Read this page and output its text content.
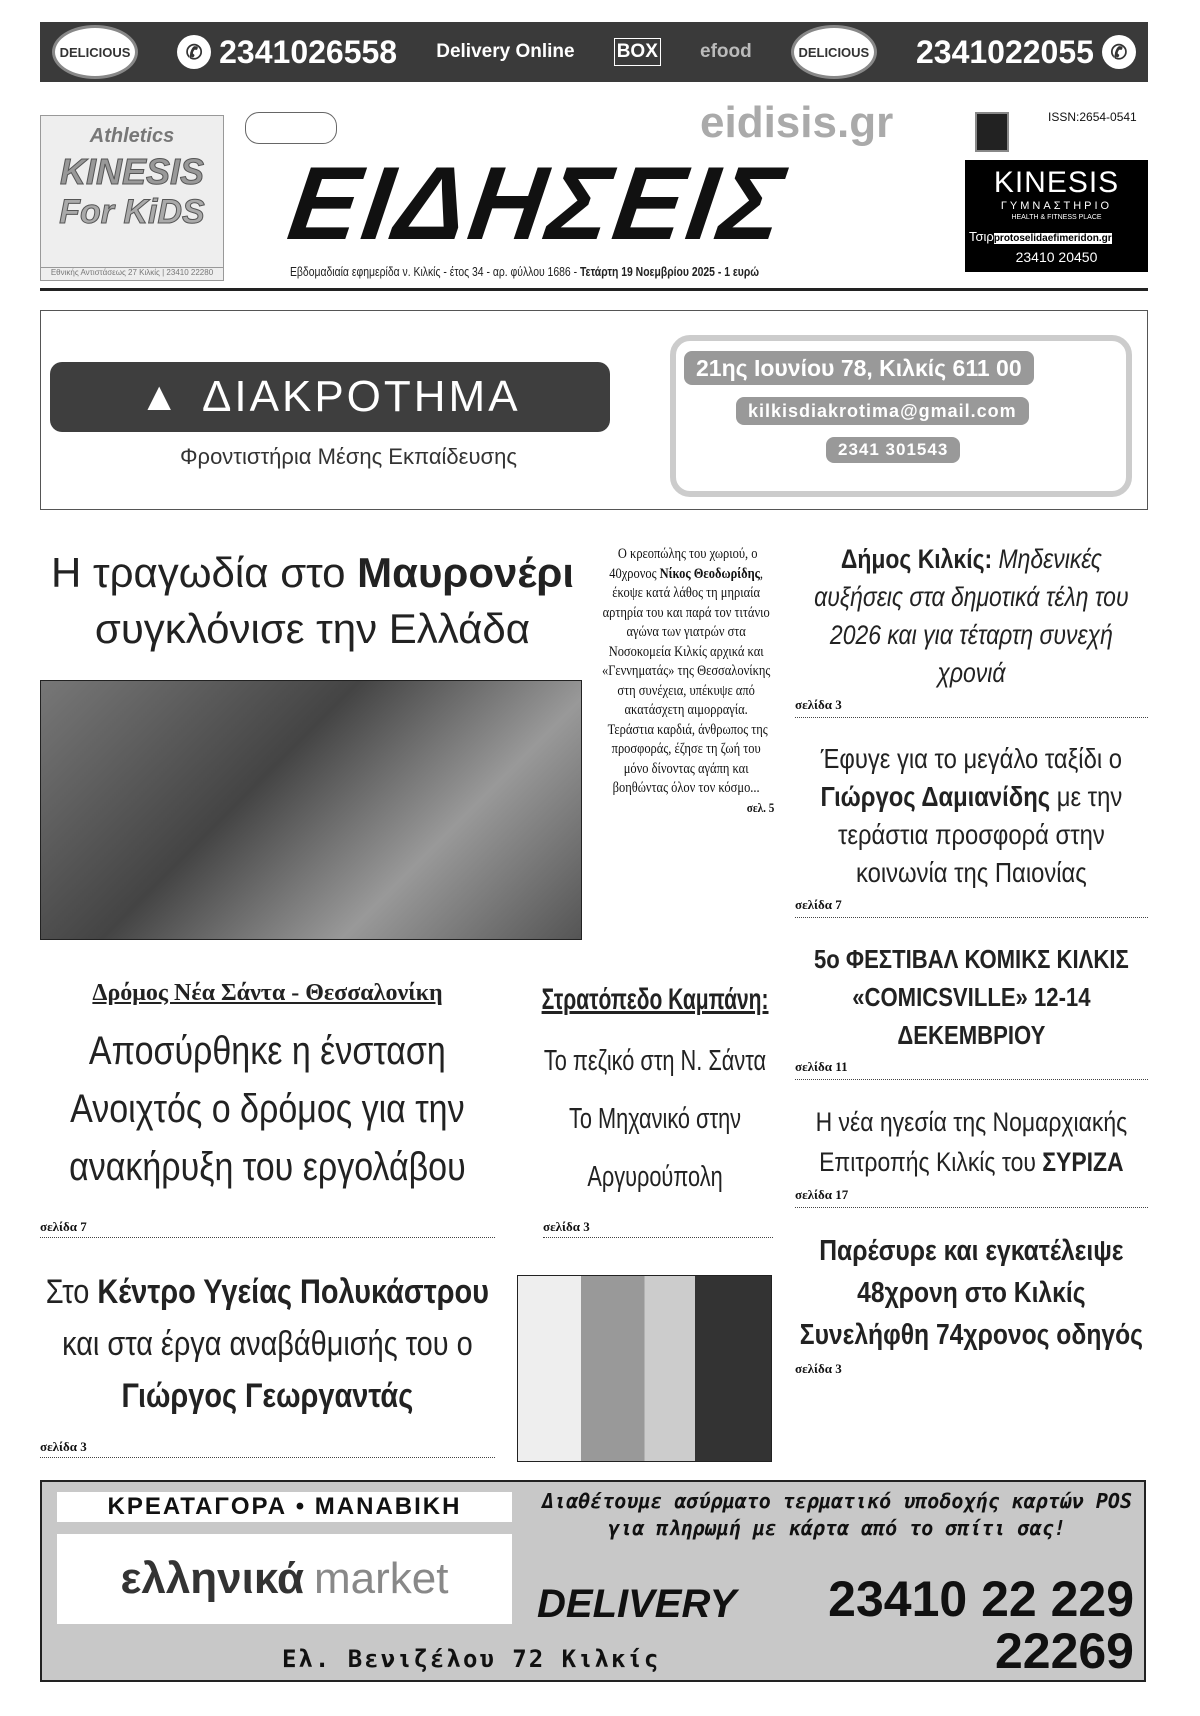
DELICIOUS	✆ 2341026558 Delivery Online BOX efood	DELICIOUS 2341022055 ✆
Athletics
KINESIS
For KiDS
Εθνικής Αντιστάσεως 27 Κιλκίς | 23410 22280
eidisis.gr
ΕΙΔΗΣΕΙΣ
Εβδομαδιαία εφημερίδα ν. Κιλκίς - έτος 34 - αρ. φύλλου 1686 - Τετάρτη 19 Νοεμβρίου 2025 - 1 ευρώ
ISSN:2654-0541
KINESIS
ΓΥΜΝΑΣΤΗΡΙΟ
HEALTH & FITNESS PLACE
Τσιρprotoselidaefimeridon.gr
23410 20450
▲ ΔΙΑΚΡΟΤΗΜΑ
Φροντιστήρια Μέσης Εκπαίδευσης
21ης Ιουνίου 78, Κιλκίς 611 00
kilkisdiakrotima@gmail.com
2341 301543
Η τραγωδία στο Μαυρονέρι
συγκλόνισε την Ελλάδα
Ο κρεοπώλης του χωριού, ο 40χρονος Νίκος Θεοδωρίδης, έκοψε κατά λάθος τη μηριαία αρτηρία του και παρά τον τιτάνιο αγώνα των γιατρών στα Νοσοκομεία Κιλκίς αρχικά και «Γεννηματάς» της Θεσσαλονίκης στη συνέχεια, υπέκυψε από ακατάσχετη αιμορραγία.
Τεράστια καρδιά, άνθρωπος της προσφοράς, έζησε τη ζωή του μόνο δίνοντας αγάπη και βοηθώντας όλον τον κόσμο...
σελ. 5
Δήμος Κιλκίς: Μηδενικές αυξήσεις στα δημοτικά τέλη του 2026 και για τέταρτη συνεχή χρονιά
σελίδα 3
Έφυγε για το μεγάλο ταξίδι ο Γιώργος Δαμιανίδης με την τεράστια προσφορά στην κοινωνία της Παιονίας
σελίδα 7
5ο ΦΕΣΤΙΒΑΛ ΚΟΜΙΚΣ ΚΙΛΚΙΣ «COMICSVILLE» 12-14 ΔΕΚΕΜΒΡΙΟΥ
σελίδα 11
Η νέα ηγεσία της Νομαρχιακής Επιτροπής Κιλκίς του ΣΥΡΙΖΑ
σελίδα 17
Παρέσυρε και εγκατέλειψε 48χρονη στο Κιλκίς Συνελήφθη 74χρονος οδηγός
σελίδα 3
Δρόμος Νέα Σάντα - Θεσσαλονίκη
Αποσύρθηκε η ένσταση Ανοιχτός ο δρόμος για την ανακήρυξη του εργολάβου
σελίδα 7
Στρατόπεδο Καμπάνη:
Το πεζικό στη Ν. Σάντα Το Μηχανικό στην Αργυρούπολη
σελίδα 3
Στο Κέντρο Υγείας Πολυκάστρου και στα έργα αναβάθμισής του ο Γιώργος Γεωργαντάς
σελίδα 3
ΚΡΕΑΤΑΓΟΡΑ • ΜΑΝΑΒΙΚΗ
ελληνικά market
Διαθέτουμε ασύρματο τερματικό υποδοχής καρτών POS για πληρωμή με κάρτα από το σπίτι σας!
DELIVERY 23410 22 229
22269
Ελ. Βενιζέλου 72 Κιλκίς
